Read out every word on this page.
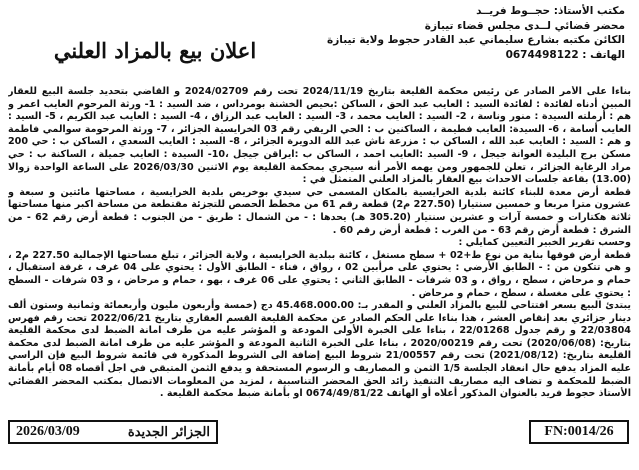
مكتب الأستاذ: حجــوط فريــد
محضر قضائي لــدى مجلس قضاء تيبازة
الكائن مكتبه بشارع سليماني عبد القادر حجوط ولاية تيبازة
الهاتف : 0674498122
اعلان بيع بالمزاد العلني

بناءا على الأمر الصادر عن رئيس محكمة القليعة بتاريخ 2024/11/19 تحت رقم 2024/02709 و القاضي بتحديد جلسة البيع للعقار المبين أدناه لفائدة : لفائدة السيد : العايب عبد الحق ، الساكن :بحيص الخشنة بومرداس ، ضد السيد : 1- ورثة المرحوم العايب اعمر و هم : أرملته السيدة : منور وناسة ، 2- السيد : العايب محمد ، 3- السيد : العايب عبد الرزاق ، 4- السيد : العايب عبد الكريم ، 5- السيد : العايب أسامة ، 6- السيدة: العايب فطيمة ، الساكنين ب : الحي الريفي رقم 03 الخرايسية الجزائر ، 7- ورثة المرحومة سوالمي فاطمة و هم : السيد : العايب عبد الله ، الساكن ب : مزرعة ناش عبد الله الدويرة الجزائر ، 8- السيد : العايب السعدي ، الساكن ب : حي 200 مسكن برج البليدة العوانة جيجل ، 9- السيد :العايب احمد ، الساكن ب :ايراقن جيجل ،10- السيدة : العايب جميلة ، الساكنة ب : حي مراد الرغاية الجزائر ، تعلن للجمهور ومن يهمه الأمر أنه سيجري بمحكمة القليعة يوم الاثنين 2026/03/30 على الساعة الواحدة زوالا (13.00) بقاعة جلسات الاحداث بيع العقار بالمزاد العلني المتمثل في :

قطعة أرض معدة للبناء كائنة بلدية الخرايسية بالمكان المسمى حي سيدي بوخريص بلدية الخرايسية ، مساحتها مائتين و سبعة و عشرون مترا مربعا و خمسين سنتيارا (227.50 م2) قطعة رقم 61 من مخطط الحصص للتجزئة مقتطعة من مساحة اكبر منها مساحتها ثلاثة هكتارات و خمسة آرات و عشرين سنتيار (305.20 هـ) يحدها : - من الشمال : طريق - من الجنوب : قطعة أرض رقم 62 - من الشرق : قطعة أرض رقم 63 - من الغرب : قطعة أرض رقم 60 .

وحسب تقرير الخبير التعيين كمايلي :

قطعة أرض فوقها بناية من نوع ط+02 + سطح مستغل ، كائنة ببلدية الخرايسية ، ولاية الجزائر ، تبلغ مساحتها الإجمالية 227.50 م2 ، و هي تتكون من : - الطابق الأرضي : يحتوي على مرأبين 02 ، رواق ، فناء - الطابق الأول : يحتوي على 04 غرف ، غرفة استقبال ، حمام و مرحاض ، سطح ، رواق ، و 03 شرفات - الطابق الثاني : يحتوي على 06 غرف ، بهو ، حمام و مرحاض ، و 03 شرفات - السطح : يحتوي على مغسلة ، سطح ، حمام و مرحاض .

يبتدئ البيع بسعر افتتاحي للبيع بالمزاد العلني و المقدر بـ: 45.468.000.00 دج (خمسة وأربعون مليون وأربعمائة وثمانية وستون ألف دينار جزائري بعد إنقاص العشر ، هذا بناءا على الحكم الصادر عن محكمة القليعة القسم العقاري بتاريخ 2022/06/21 تحت رقم فهرس 22/03804 و رقم جدول 22/01268 ، بناءا على الخبرة الأولى المودعة و المؤشر عليه من طرف امانة الضبط لدى محكمة القليعة بتاريخ: (2020/06/08) تحت رقم 2020/00219 ، بناءا على الخبرة الثانية المودعة و المؤشر عليه من طرف امانة الضبط لدى محكمة القليعة بتاريخ: (2021/08/12) تحت رقم 21/00557 شروط البيع إضافة الى الشروط المذكورة في قائمة شروط البيع فإن الراسي عليه المزاد يدفع حال انعقاد الجلسة 1/5 الثمن و المصاريف و الرسوم المستحقة و يدفع الثمن المتبقي في اجل أقصاه 08 أيام بأمانة الضبط للمحكمة و تضاف اليه مصاريف التنفيذ زائد الحق المحضر التناسبية ، لمزيد من المعلومات الاتصال بمكتب المحضر القضائي الأستاذ حجوط فريد بالعنوان المذكور أعلاه أو الهاتف 0674/49/81/22 او بأمانة ضبط محكمة القليعة .

2026/03/09	الجزائر الجديدة	FN:0014/26
